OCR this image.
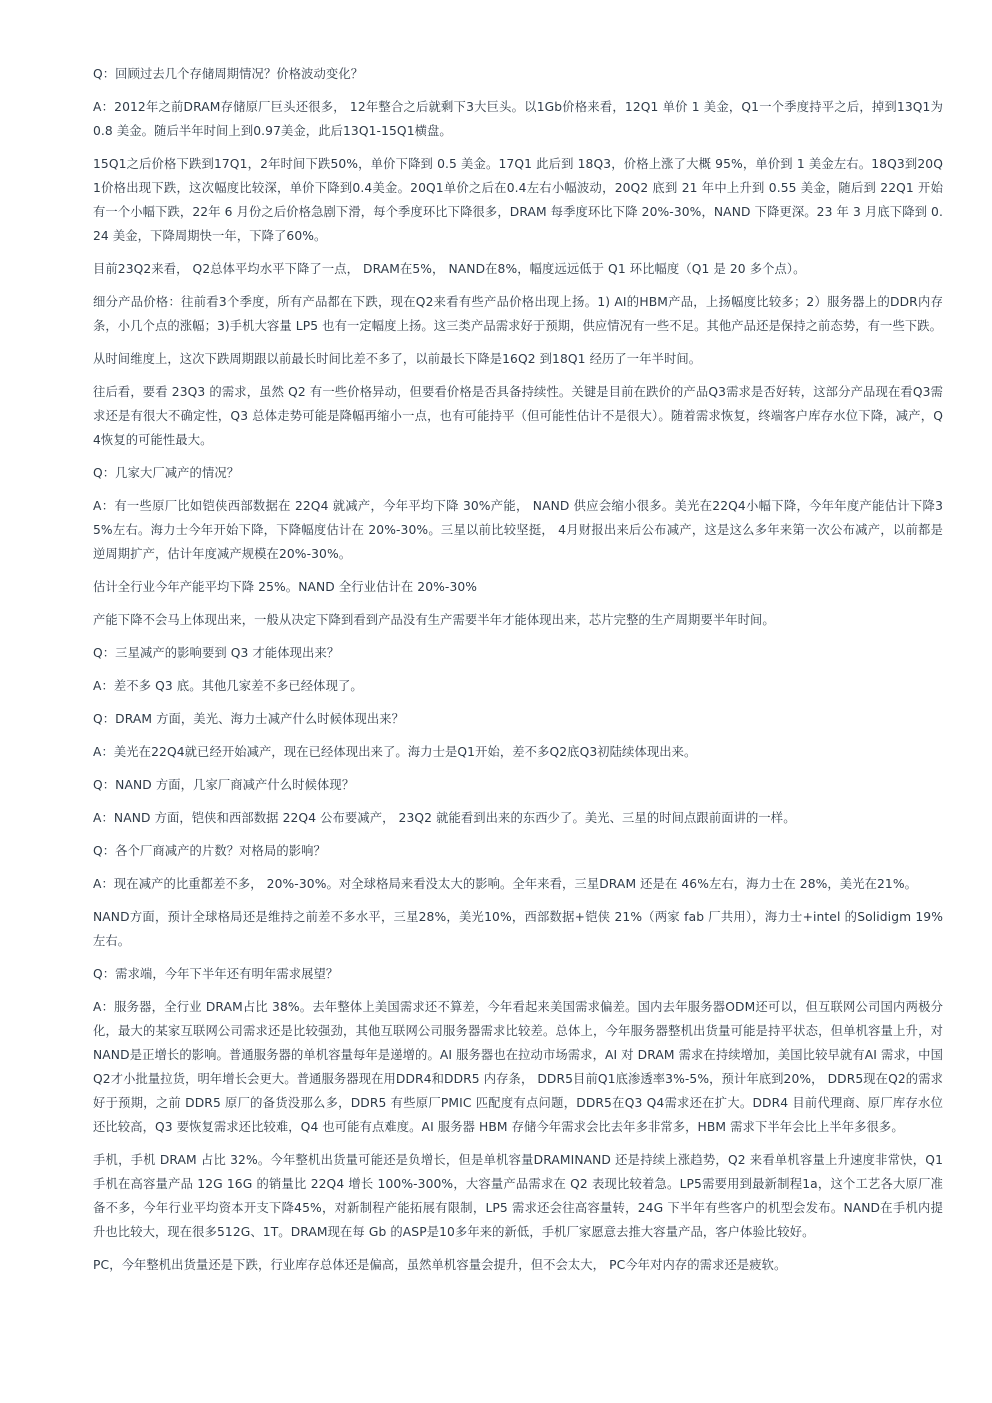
Q：回顾过去几个存储周期情况？价格波动变化？

A：2012年之前DRAM存储原厂巨头还很多， 12年整合之后就剩下3大巨头。以1Gb价格来看，12Q1 单价 1 美金，Q1一个季度持平之后，掉到13Q1为 0.8 美金。随后半年时间上到0.97美金，此后13Q1-15Q1横盘。

15Q1之后价格下跌到17Q1，2年时间下跌50%，单价下降到 0.5 美金。17Q1 此后到 18Q3，价格上涨了大概 95%，单价到 1 美金左右。18Q3到20Q1价格出现下跌，这次幅度比较深，单价下降到0.4美金。20Q1单价之后在0.4左右小幅波动，20Q2 底到 21 年中上升到 0.55 美金，随后到 22Q1 开始有一个小幅下跌，22年 6 月份之后价格急剧下滑，每个季度环比下降很多，DRAM 每季度环比下降 20%-30%，NAND 下降更深。23 年 3 月底下降到 0.24 美金，下降周期快一年，下降了60%。

目前23Q2来看， Q2总体平均水平下降了一点， DRAM在5%， NAND在8%，幅度远远低于 Q1 环比幅度（Q1 是 20 多个点）。

细分产品价格：往前看3个季度，所有产品都在下跌，现在Q2来看有些产品价格出现上扬。1) AI的HBM产品，上扬幅度比较多；2）服务器上的DDR内存条，小几个点的涨幅；3)手机大容量 LP5 也有一定幅度上扬。这三类产品需求好于预期，供应情况有一些不足。其他产品还是保持之前态势，有一些下跌。

从时间维度上，这次下跌周期跟以前最长时间比差不多了，以前最长下降是16Q2 到18Q1 经历了一年半时间。

往后看，要看 23Q3 的需求，虽然 Q2 有一些价格异动，但要看价格是否具备持续性。关键是目前在跌价的产品Q3需求是否好转，这部分产品现在看Q3需求还是有很大不确定性，Q3 总体走势可能是降幅再缩小一点，也有可能持平（但可能性估计不是很大）。随着需求恢复，终端客户库存水位下降，减产，Q4恢复的可能性最大。

Q：几家大厂减产的情况？

A：有一些原厂比如铠侠西部数据在 22Q4 就减产，今年平均下降 30%产能， NAND 供应会缩小很多。美光在22Q4小幅下降，今年年度产能估计下降35%左右。海力士今年开始下降，下降幅度估计在 20%-30%。三星以前比较坚挺， 4月财报出来后公布减产，这是这么多年来第一次公布减产，以前都是逆周期扩产，估计年度减产规模在20%-30%。

估计全行业今年产能平均下降 25%。NAND 全行业估计在 20%-30%

产能下降不会马上体现出来，一般从决定下降到看到产品没有生产需要半年才能体现出来，芯片完整的生产周期要半年时间。

Q：三星减产的影响要到 Q3 才能体现出来？

A：差不多 Q3 底。其他几家差不多已经体现了。

Q：DRAM 方面，美光、海力士减产什么时候体现出来？

A：美光在22Q4就已经开始减产，现在已经体现出来了。海力士是Q1开始，差不多Q2底Q3初陆续体现出来。

Q：NAND 方面，几家厂商减产什么时候体现？

A：NAND 方面，铠侠和西部数据 22Q4 公布要减产， 23Q2 就能看到出来的东西少了。美光、三星的时间点跟前面讲的一样。

Q：各个厂商减产的片数？对格局的影响？

A：现在减产的比重都差不多， 20%-30%。对全球格局来看没太大的影响。全年来看，三星DRAM 还是在 46%左右，海力士在 28%，美光在21%。

NAND方面，预计全球格局还是维持之前差不多水平，三星28%，美光10%，西部数据+铠侠 21%（两家 fab 厂共用），海力士+intel 的Solidigm 19%左右。

Q：需求端，今年下半年还有明年需求展望？

A：服务器，全行业 DRAM占比 38%。去年整体上美国需求还不算差，今年看起来美国需求偏差。国内去年服务器ODM还可以，但互联网公司国内两极分化，最大的某家互联网公司需求还是比较强劲，其他互联网公司服务器需求比较差。总体上，今年服务器整机出货量可能是持平状态，但单机容量上升，对NAND是正增长的影响。普通服务器的单机容量每年是递增的。AI 服务器也在拉动市场需求，AI 对 DRAM 需求在持续增加，美国比较早就有AI 需求，中国 Q2才小批量拉货，明年增长会更大。普通服务器现在用DDR4和DDR5 内存条， DDR5目前Q1底渗透率3%-5%，预计年底到20%， DDR5现在Q2的需求好于预期，之前 DDR5 原厂的备货没那么多，DDR5 有些原厂PMIC 匹配度有点问题，DDR5在Q3 Q4需求还在扩大。DDR4 目前代理商、原厂库存水位还比较高，Q3 要恢复需求还比较难，Q4 也可能有点难度。AI 服务器 HBM 存储今年需求会比去年多非常多，HBM 需求下半年会比上半年多很多。

手机，手机 DRAM 占比 32%。今年整机出货量可能还是负增长，但是单机容量DRAMINAND 还是持续上涨趋势，Q2 来看单机容量上升速度非常快，Q1 手机在高容量产品 12G 16G 的销量比 22Q4 增长 100%-300%，大容量产品需求在 Q2 表现比较着急。LP5需要用到最新制程1a，这个工艺各大原厂准备不多，今年行业平均资本开支下降45%，对新制程产能拓展有限制，LP5 需求还会往高容量转，24G 下半年有些客户的机型会发布。NAND在手机内提升也比较大，现在很多512G、1T。DRAM现在每 Gb 的ASP是10多年来的新低，手机厂家愿意去推大容量产品，客户体验比较好。

PC，今年整机出货量还是下跌，行业库存总体还是偏高，虽然单机容量会提升，但不会太大， PC今年对内存的需求还是疲软。
